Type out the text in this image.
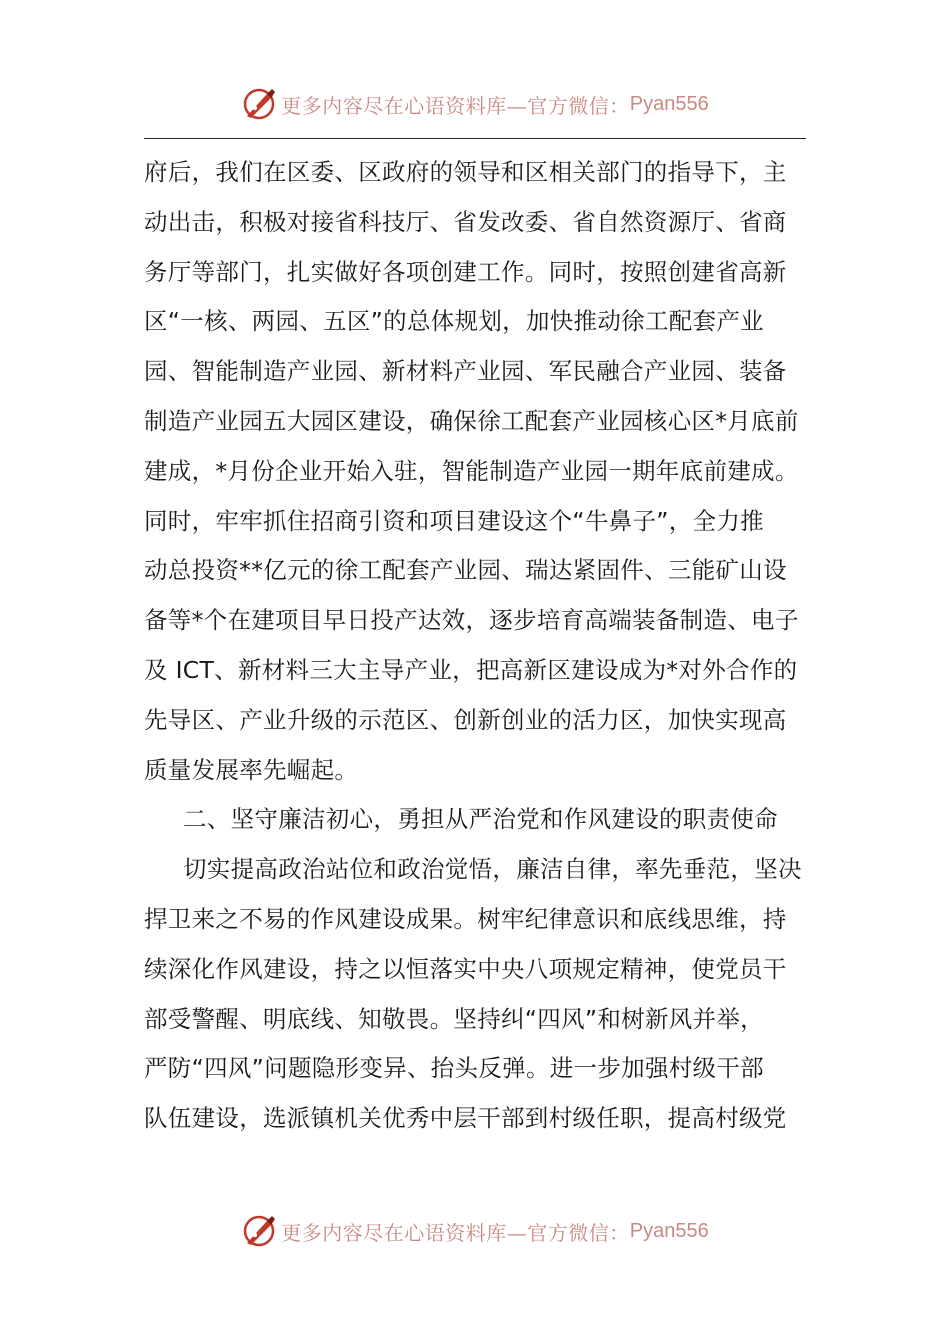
更多内容尽在心语资料库—官方微信： Pyan556
府后，我们在区委、区政府的领导和区相关部门的指导下，主
动出击，积极对接省科技厅、省发改委、省自然资源厅、省商
务厅等部门，扎实做好各项创建工作。同时，按照创建省高新
区“一核、两园、五区”的总体规划，加快推动徐工配套产业
园、智能制造产业园、新材料产业园、军民融合产业园、装备
制造产业园五大园区建设，确保徐工配套产业园核心区*月底前
建成，*月份企业开始入驻，智能制造产业园一期年底前建成。
同时，牢牢抓住招商引资和项目建设这个“牛鼻子”，全力推
动总投资**亿元的徐工配套产业园、瑞达紧固件、三能矿山设
备等*个在建项目早日投产达效，逐步培育高端装备制造、电子
及 ICT、新材料三大主导产业，把高新区建设成为*对外合作的
先导区、产业升级的示范区、创新创业的活力区，加快实现高
质量发展率先崛起。
二、坚守廉洁初心，勇担从严治党和作风建设的职责使命
切实提高政治站位和政治觉悟，廉洁自律，率先垂范，坚决
捍卫来之不易的作风建设成果。树牢纪律意识和底线思维，持
续深化作风建设，持之以恒落实中央八项规定精神，使党员干
部受警醒、明底线、知敬畏。坚持纠“四风”和树新风并举，
严防“四风”问题隐形变异、抬头反弹。进一步加强村级干部
队伍建设，选派镇机关优秀中层干部到村级任职，提高村级党
更多内容尽在心语资料库—官方微信： Pyan556
